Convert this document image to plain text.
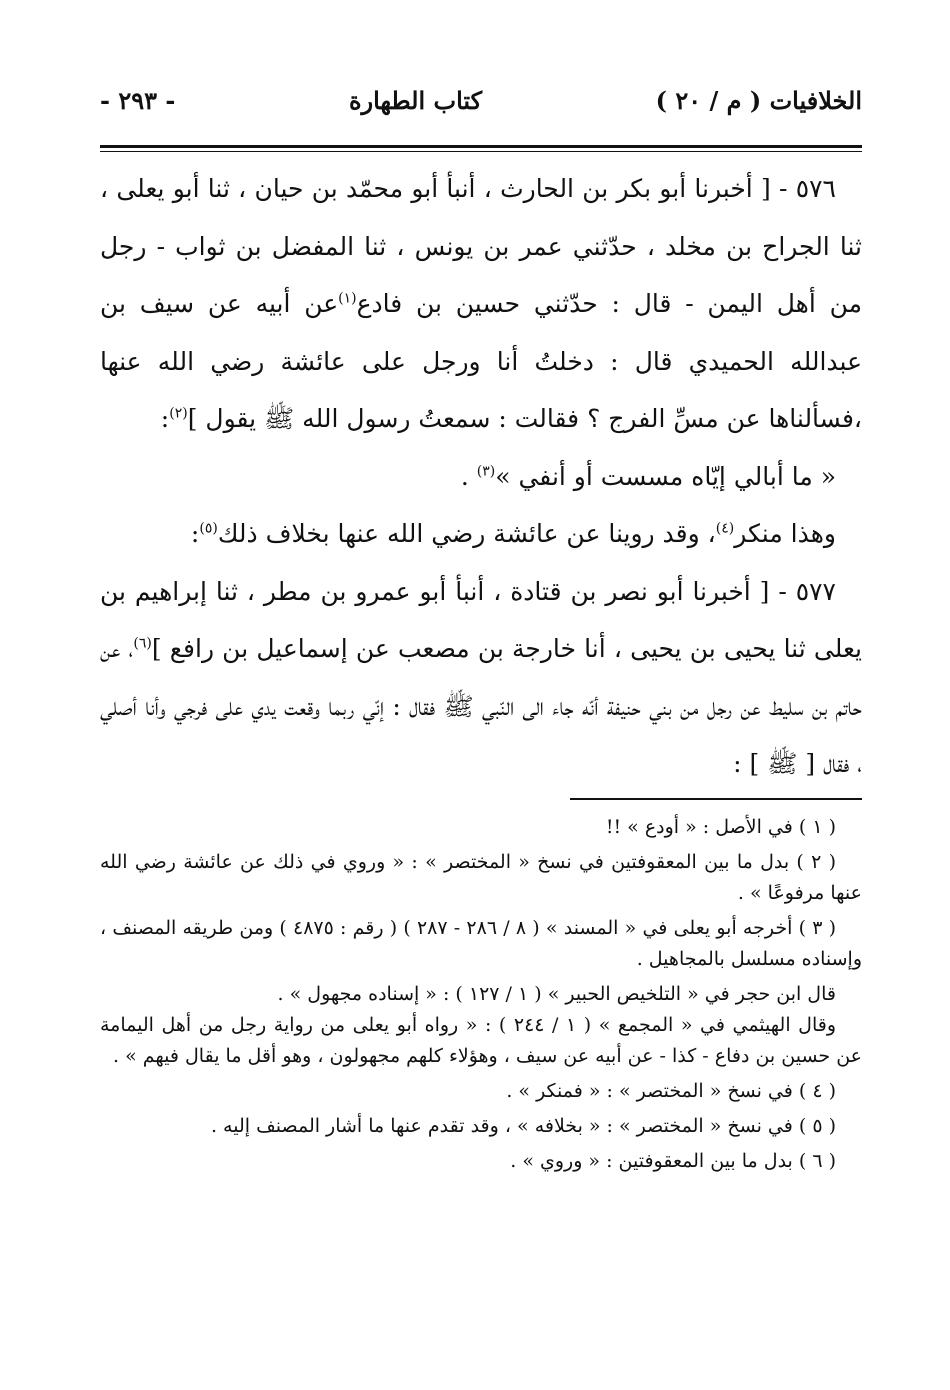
الخلافيات ( م / ٢٠ )
كتاب الطهارة
- ٢٩٣ -

٥٧٦ - [ أخبرنا أبو بكر بن الحارث ، أنبأ أبو محمّد بن حيان ، ثنا أبو يعلى ، ثنا الجراح بن مخلد ، حدّثني عمر بن يونس ، ثنا المفضل بن ثواب - رجل من أهل اليمن - قال : حدّثني حسين بن فادع$^{(١)}$عن أبيه عن سيف بن عبدالله الحميدي قال : دخلتُ أنا ورجل على عائشة رضي الله عنها ،فسألناها عن مسِّ الفرج ؟ فقالت : سمعتُ رسول الله ﷺ يقول ]$^{(٢)}$:

« ما أبالي إيّاه مسست أو أنفي »$^{(٣)}$ .

وهذا منكر$^{(٤)}$، وقد روينا عن عائشة رضي الله عنها بخلاف ذلك$^{(٥)}$:

٥٧٧ - [ أخبرنا أبو نصر بن قتادة ، أنبأ أبو عمرو بن مطر ، ثنا إبراهيم بن يعلى ثنا يحيى بن يحيى ، أنا خارجة بن مصعب عن إسماعيل بن رافع ]$^{(٦)}$، عن حاتم بن سليط عن رجل من بني حنيفة أنّه جاء الى النّبي ﷺ فقال : إنّي ربما وقعت يدي على فرجي وأنا أصلي ، فقال [ ﷺ ] :

( ١ ) في الأصل : « أودع » !!

( ٢ ) بدل ما بين المعقوفتين في نسخ « المختصر » : « وروي في ذلك عن عائشة رضي الله عنها مرفوعًا » .

( ٣ ) أخرجه أبو يعلى في « المسند » ( ٨ / ٢٨٦ - ٢٨٧ ) ( رقم : ٤٨٧٥ ) ومن طريقه المصنف ، وإسناده مسلسل بالمجاهيل .

قال ابن حجر في « التلخيص الحبير » ( ١ / ١٢٧ ) : « إسناده مجهول » .

وقال الهيثمي في « المجمع » ( ١ / ٢٤٤ ) : « رواه أبو يعلى من رواية رجل من أهل اليمامة عن حسين بن دفاع - كذا - عن أبيه عن سيف ، وهؤلاء كلهم مجهولون ، وهو أقل ما يقال فيهم » .

( ٤ ) في نسخ « المختصر » : « فمنكر » .

( ٥ ) في نسخ « المختصر » : « بخلافه » ، وقد تقدم عنها ما أشار المصنف إليه .

( ٦ ) بدل ما بين المعقوفتين : « وروي » .
